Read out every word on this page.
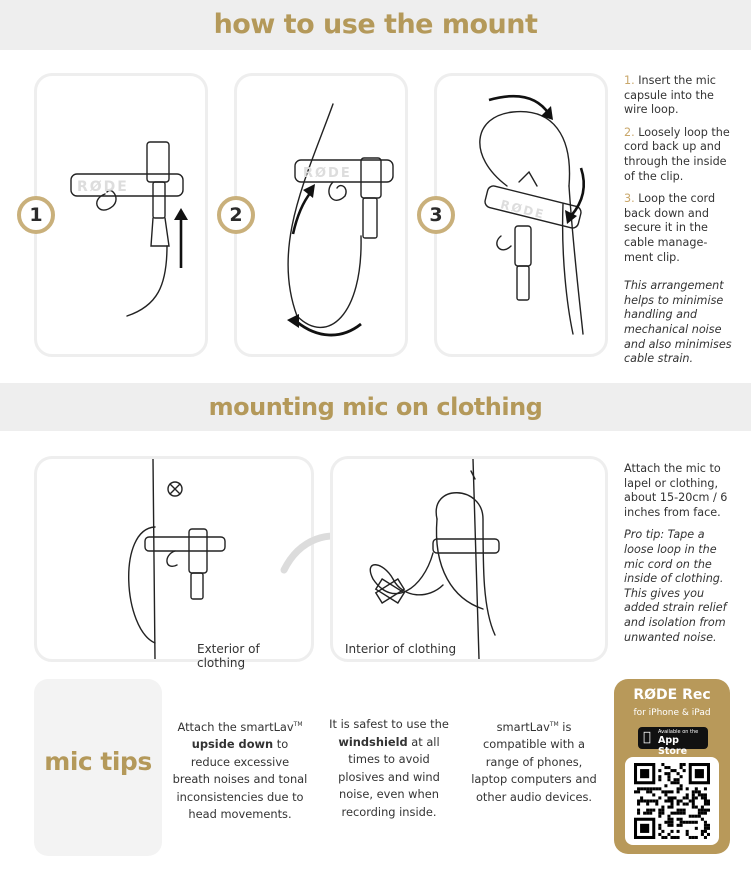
how to use the mount
RØDE
1
RØDE
2	RØDE
3

1. Insert the mic capsule into the wire loop.

2. Loosely loop the cord back up and through the inside of the clip.

3. Loop the cord back down and secure it in the cable manage-ment clip.

This arrangement helps to minimise handling and mechanical noise and also minimises cable strain.

mounting mic on clothing
Exterior of clothing
Interior of clothing

Attach the mic to lapel or clothing, about 15-20cm / 6 inches from face.

Pro tip: Tape a loose loop in the mic cord on the inside of clothing. This gives you added strain relief and isolation from unwanted noise.

mic tips
Attach the smartLav™
upside down to reduce excessive breath noises and tonal inconsistencies due to head movements.
It is safest to use the windshield at all times to avoid plosives and wind noise, even when recording inside.
smartLav™ is compatible with a range of phones, laptop computers and other audio devices.
RØDE Rec
for iPhone & iPad
Available on the
App Store
